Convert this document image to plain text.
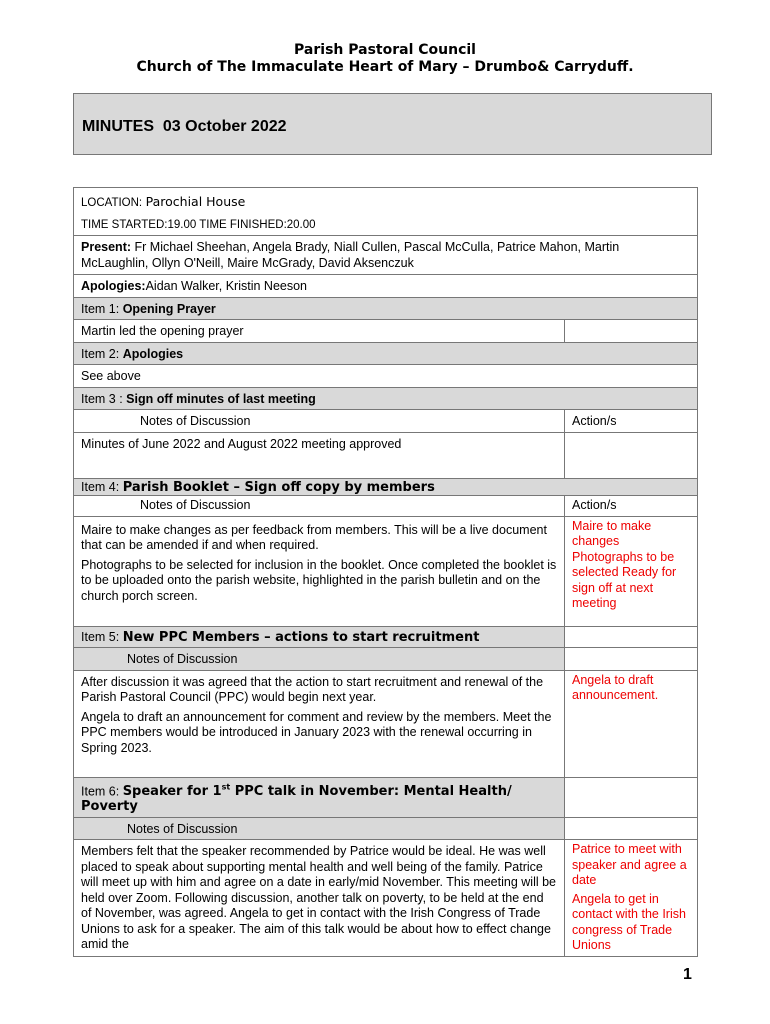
Parish Pastoral Council
Church of The Immaculate Heart of Mary – Drumbo& Carryduff.
MINUTES  03 October 2022
LOCATION: Parochial House
TIME STARTED:19.00 TIME FINISHED:20.00	

Present: Fr Michael Sheehan, Angela Brady, Niall Cullen, Pascal McCulla, Patrice Mahon, Martin McLaughlin, Ollyn O'Neill, Maire McGrady, David Aksenczuk	
Apologies:Aidan Walker, Kristin Neeson	
Item 1: Opening Prayer	
Martin led the opening prayer	
Item 2: Apologies	
See above	
Item 3 : Sign off minutes of last meeting	
Notes of Discussion	Action/s
Minutes of June 2022 and August 2022 meeting approved	
Item 4: Parish Booklet – Sign off copy by members	
Notes of Discussion	Action/s

Maire to make changes as per feedback from members. This will be a live document that can be amended if and when required.

Photographs to be selected for inclusion in the booklet. Once completed the booklet is to be uploaded onto the parish website, highlighted in the parish bulletin and on the church porch screen.	Maire to make changes Photographs to be selected Ready for sign off at next meeting
Item 5: New PPC Members – actions to start recruitment	
Notes of Discussion	

After discussion it was agreed that the action to start recruitment and renewal of the Parish Pastoral Council (PPC) would begin next year.

Angela to draft an announcement for comment and review by the members. Meet the PPC members would be introduced in January 2023 with the renewal occurring in Spring 2023.	Angela to draft announcement.
Item 6: Speaker for 1st PPC talk in November: Mental Health/ Poverty	
Notes of Discussion	

Members felt that the speaker recommended by Patrice would be ideal. He was well placed to speak about supporting mental health and well being of the family. Patrice will meet up with him and agree on a date in early/mid November. This meeting will be held over Zoom. Following discussion, another talk on poverty, to be held at the end of November, was agreed. Angela to get in contact with the Irish Congress of Trade Unions to ask for a speaker. The aim of this talk would be about how to effect change amid the	Patrice to meet with speaker and agree a date
Angela to get in contact with the Irish congress of Trade Unions
1
